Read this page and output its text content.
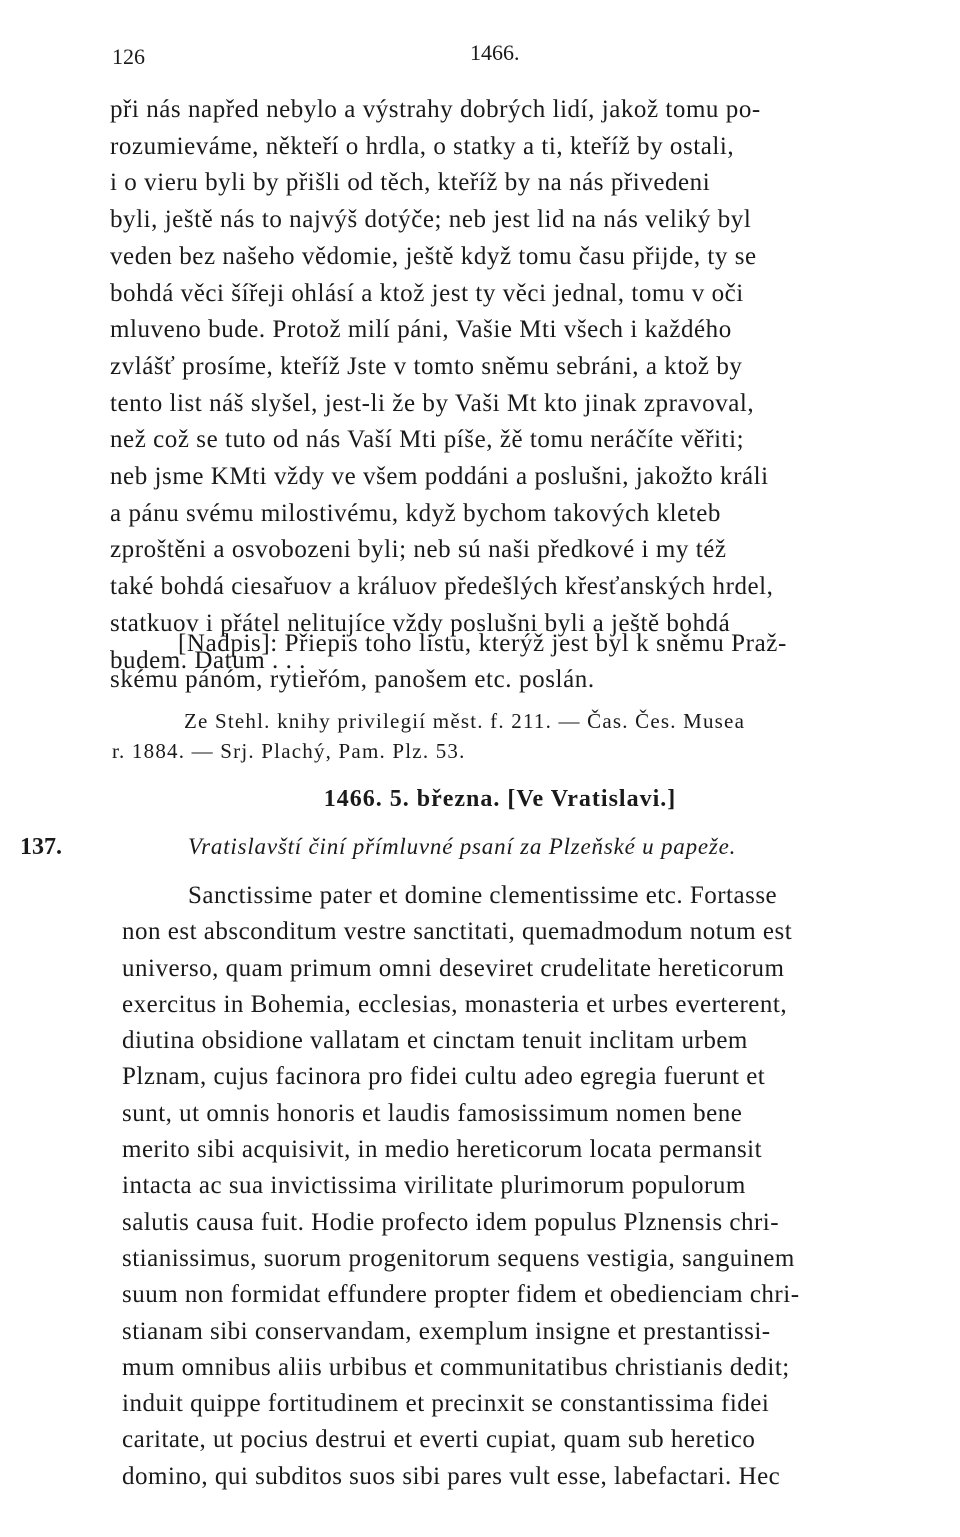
126	1466.
při nás napřed nebylo a výstrahy dobrých lidí, jakož tomu po-
rozumieváme, někteří o hrdla, o statky a ti, kteříž by ostali,
i o vieru byli by přišli od těch, kteříž by na nás přivedeni
byli, ještě nás to najvýš dotýče; neb jest lid na nás veliký byl
veden bez našeho vědomie, ještě když tomu času přijde, ty se
bohdá věci šířeji ohlásí a ktož jest ty věci jednal, tomu v oči
mluveno bude. Protož milí páni, Vašie Mti všech i každého
zvlášť prosíme, kteříž Jste v tomto sněmu sebráni, a ktož by
tento list náš slyšel, jest-li že by Vaši Mt kto jinak zpravoval,
než což se tuto od nás Vaší Mti píše, žě tomu neráčíte věřiti;
neb jsme KMti vždy ve všem poddáni a poslušni, jakožto králi
a pánu svému milostivému, když bychom takových kleteb
zproštěni a osvobozeni byli; neb sú naši předkové i my též
také bohdá ciesařuov a králuov předešlých křesťanských hrdel,
statkuov i přátel nelitujíce vždy poslušni byli a ještě bohdá
budem. Datum . . .
[Nadpis]: Přiepis toho listu, kterýž jest byl k sněmu Praž-
skému pánóm, rytieřóm, panošem etc. poslán.
Ze Stehl. knihy privilegií měst. f. 211. — Čas. Čes. Musea
r. 1884. — Srj. Plachý, Pam. Plz. 53.
1466. 5. března. [Ve Vratislavi.]
137.	Vratislavští činí přímluvné psaní za Plzeňské u papeže.
Sanctissime pater et domine clementissime etc. Fortasse
non est absconditum vestre sanctitati, quemadmodum notum est
universo, quam primum omni deseviret crudelitate hereticorum
exercitus in Bohemia, ecclesias, monasteria et urbes everterent,
diutina obsidione vallatam et cinctam tenuit inclitam urbem
Plznam, cujus facinora pro fidei cultu adeo egregia fuerunt et
sunt, ut omnis honoris et laudis famosissimum nomen bene
merito sibi acquisivit, in medio hereticorum locata permansit
intacta ac sua invictissima virilitate plurimorum populorum
salutis causa fuit. Hodie profecto idem populus Plznensis chri-
stianissimus, suorum progenitorum sequens vestigia, sanguinem
suum non formidat effundere propter fidem et obedienciam chri-
stianam sibi conservandam, exemplum insigne et prestantissi-
mum omnibus aliis urbibus et communitatibus christianis dedit;
induit quippe fortitudinem et precinxit se constantissima fidei
caritate, ut pocius destrui et everti cupiat, quam sub heretico
domino, qui subditos suos sibi pares vult esse, labefactari. Hec
